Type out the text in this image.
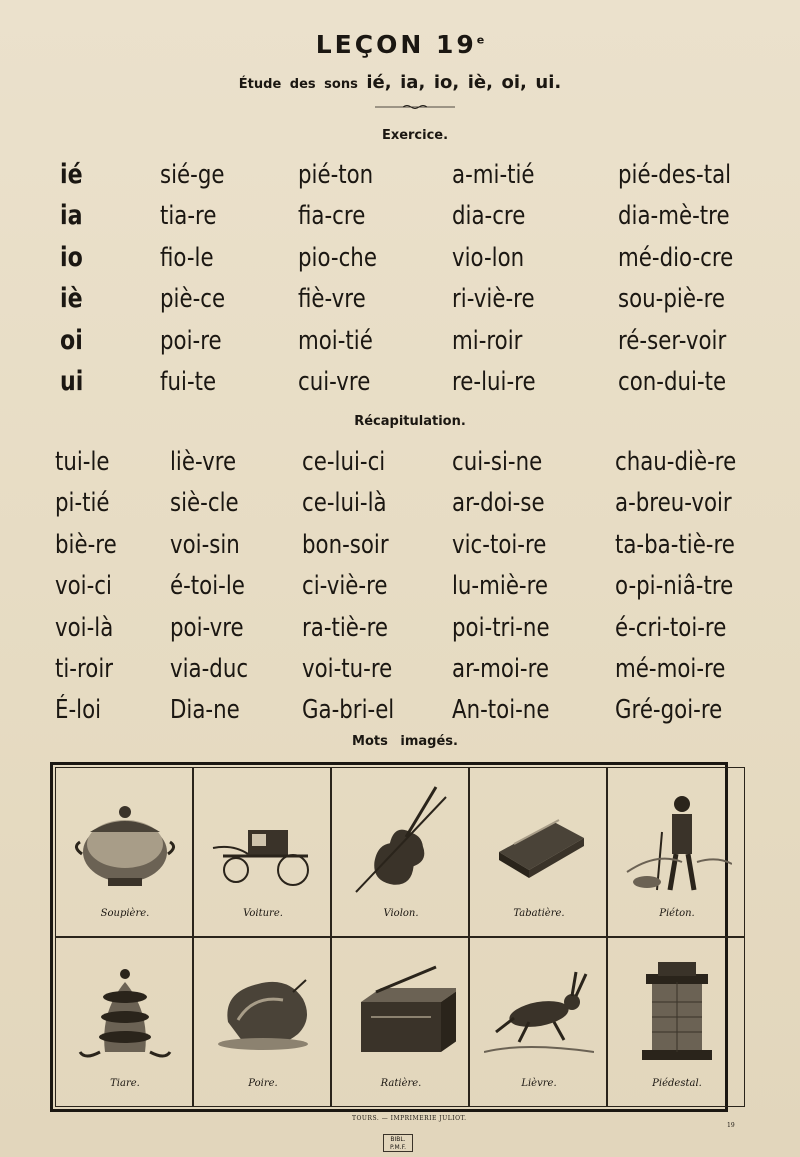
LEÇON 19e
Étude des sons ié, ia, io, iè, oi, ui.
Exercice.
ié	sié-ge	pié-ton	a-mi-tié	pié-des-tal
ia	tia-re	fia-cre	dia-cre	dia-mè-tre
io	fio-le	pio-che	vio-lon	mé-dio-cre
iè	piè-ce	fiè-vre	ri-viè-re	sou-piè-re
oi	poi-re	moi-tié	mi-roir	ré-ser-voir
ui	fui-te	cui-vre	re-lui-re	con-dui-te
Récapitulation.
tui-le liè-vre	ce-lui-ci	cui-si-ne	chau-diè-re
pi-tié siè-cle ce-lui-là	ar-doi-se	a-breu-voir
biè-re voi-sin bon-soir vic-toi-re	ta-ba-tiè-re
voi-ci é-toi-le ci-viè-re lu-miè-re	o-pi-niâ-tre
voi-là poi-vre ra-tiè-re poi-tri-ne	é-cri-toi-re
ti-roir via-duc voi-tu-re ar-moi-re	mé-moi-re
É-loi	Dia-ne Ga-bri-el An-toi-ne	Gré-goi-re
Mots imagés.
Soupière.	Voiture.	Violon.	Tabatière.	Piéton.
Tiare.	Poire.	Ratière.	Lièvre.	Piédestal.
TOURS. — IMPRIMERIE JULIOT.
19
BIBL.
P.M.F.
